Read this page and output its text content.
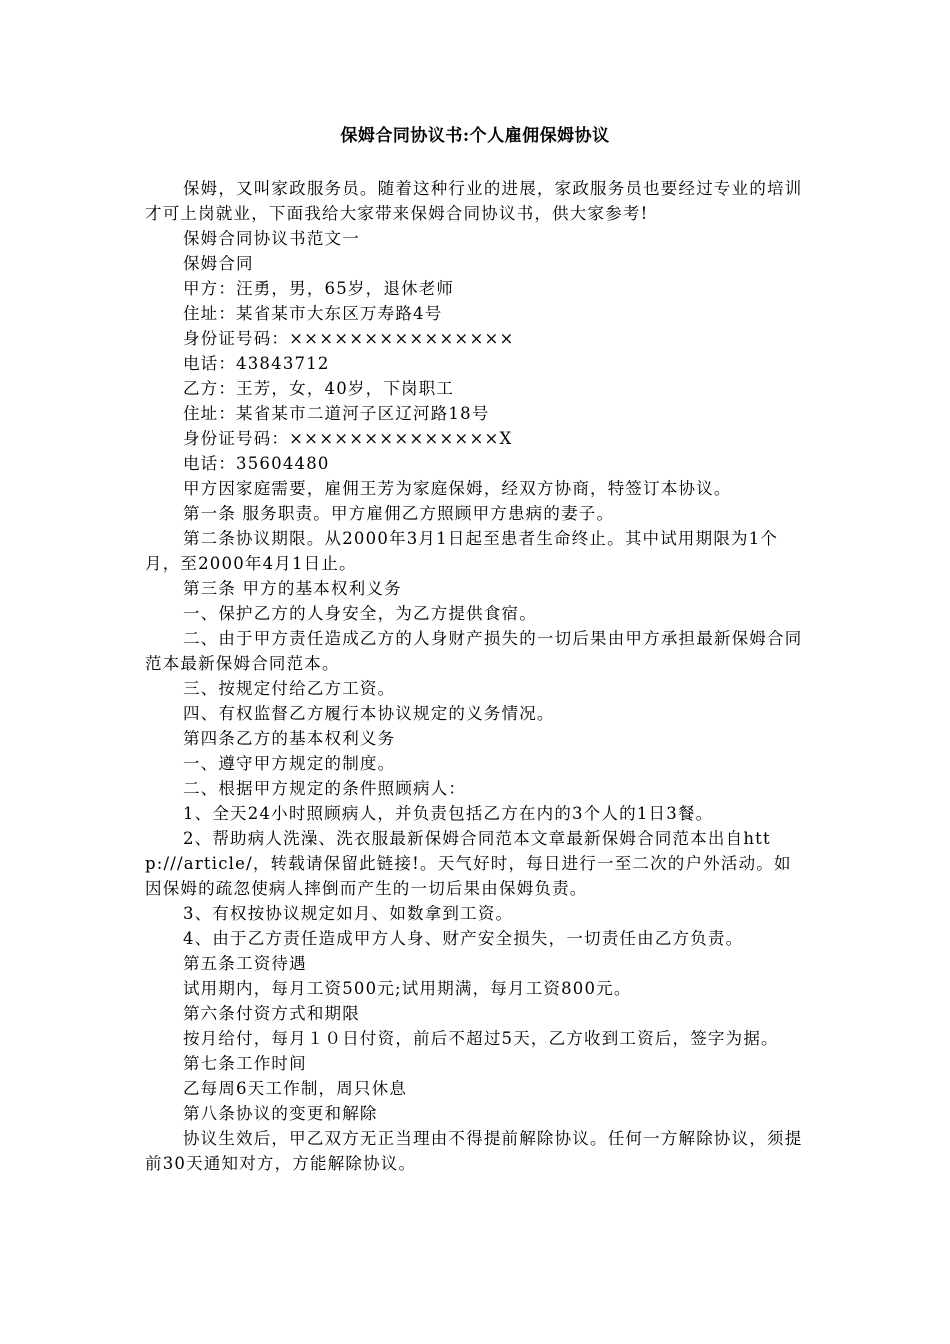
保姆合同协议书:个人雇佣保姆协议

保姆，又叫家政服务员。随着这种行业的进展，家政服务员也要经过专业的培训才可上岗就业，下面我给大家带来保姆合同协议书，供大家参考!

保姆合同协议书范文一

保姆合同

甲方：汪勇，男，65岁，退休老师

住址：某省某市大东区万寿路4号

身份证号码：×××××××××××××××

电话：43843712

乙方：王芳，女，40岁，下岗职工

住址：某省某市二道河子区辽河路18号

身份证号码：××××××××××××××X

电话：35604480

甲方因家庭需要，雇佣王芳为家庭保姆，经双方协商，特签订本协议。

第一条 服务职责。甲方雇佣乙方照顾甲方患病的妻子。

第二条协议期限。从2000年3月1日起至患者生命终止。其中试用期限为1个月，至2000年4月1日止。

第三条 甲方的基本权利义务

一、保护乙方的人身安全，为乙方提供食宿。

二、由于甲方责任造成乙方的人身财产损失的一切后果由甲方承担最新保姆合同范本最新保姆合同范本。

三、按规定付给乙方工资。

四、有权监督乙方履行本协议规定的义务情况。

第四条乙方的基本权利义务

一、遵守甲方规定的制度。

二、根据甲方规定的条件照顾病人：

1、全天24小时照顾病人，并负责包括乙方在内的3个人的1日3餐。

2、帮助病人洗澡、洗衣服最新保姆合同范本文章最新保姆合同范本出自http:///article/，转载请保留此链接!。天气好时，每日进行一至二次的户外活动。如因保姆的疏忽使病人摔倒而产生的一切后果由保姆负责。

3、有权按协议规定如月、如数拿到工资。

4、由于乙方责任造成甲方人身、财产安全损失，一切责任由乙方负责。

第五条工资待遇

试用期内，每月工资500元;试用期满，每月工资800元。

第六条付资方式和期限

按月给付，每月１０日付资，前后不超过5天，乙方收到工资后，签字为据。

第七条工作时间

乙每周6天工作制，周只休息

第八条协议的变更和解除

协议生效后，甲乙双方无正当理由不得提前解除协议。任何一方解除协议，须提前30天通知对方，方能解除协议。
